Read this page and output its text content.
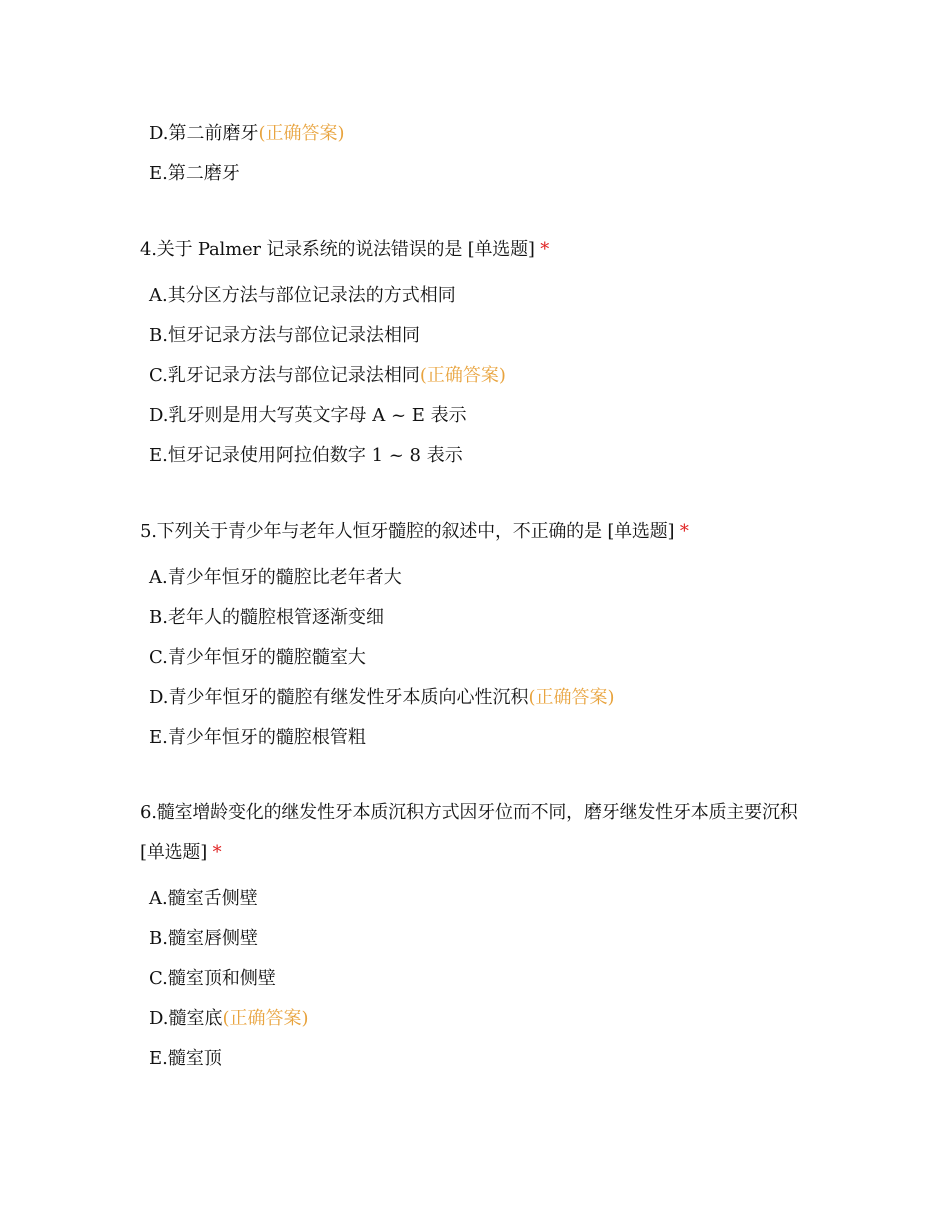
D.第二前磨牙(正确答案)
E.第二磨牙
4.关于 Palmer 记录系统的说法错误的是 [单选题] *
A.其分区方法与部位记录法的方式相同
B.恒牙记录方法与部位记录法相同
C.乳牙记录方法与部位记录法相同(正确答案)
D.乳牙则是用大写英文字母 A ~ E 表示
E.恒牙记录使用阿拉伯数字 1 ~ 8 表示
5.下列关于青少年与老年人恒牙髓腔的叙述中，不正确的是 [单选题] *
A.青少年恒牙的髓腔比老年者大
B.老年人的髓腔根管逐渐变细
C.青少年恒牙的髓腔髓室大
D.青少年恒牙的髓腔有继发性牙本质向心性沉积(正确答案)
E.青少年恒牙的髓腔根管粗
6.髓室增龄变化的继发性牙本质沉积方式因牙位而不同，磨牙继发性牙本质主要沉积 [单选题] *
A.髓室舌侧壁
B.髓室唇侧壁
C.髓室顶和侧壁
D.髓室底(正确答案)
E.髓室顶
